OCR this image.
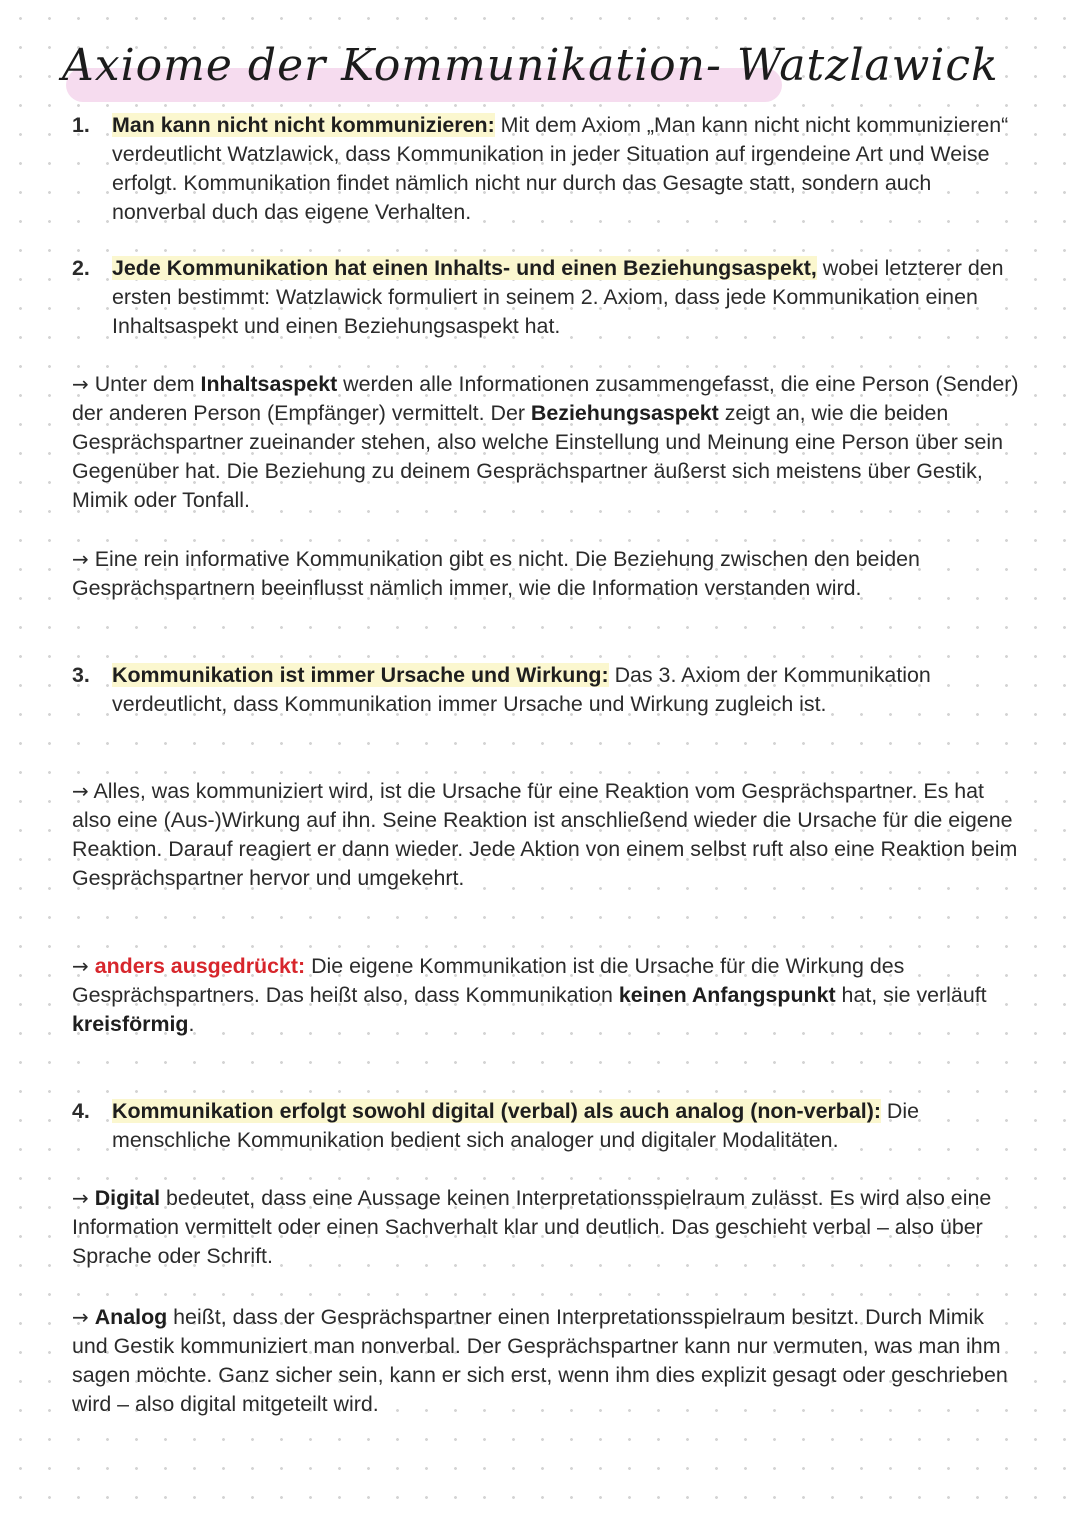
Axiome der Kommunikation- Watzlawick
1. Man kann nicht nicht kommunizieren: Mit dem Axiom „Man kann nicht nicht kommunizieren“ verdeutlicht Watzlawick, dass Kommunikation in jeder Situation auf irgendeine Art und Weise erfolgt. Kommunikation findet nämlich nicht nur durch das Gesagte statt, sondern auch nonverbal duch das eigene Verhalten.
2. Jede Kommunikation hat einen Inhalts- und einen Beziehungsaspekt, wobei letzterer den ersten bestimmt: Watzlawick formuliert in seinem 2. Axiom, dass jede Kommunikation einen Inhaltsaspekt und einen Beziehungsaspekt hat.
→ Unter dem Inhaltsaspekt werden alle Informationen zusammengefasst, die eine Person (Sender) der anderen Person (Empfänger) vermittelt. Der Beziehungsaspekt zeigt an, wie die beiden Gesprächspartner zueinander stehen, also welche Einstellung und Meinung eine Person über sein Gegenüber hat. Die Beziehung zu deinem Gesprächspartner äußerst sich meistens über Gestik, Mimik oder Tonfall.
→ Eine rein informative Kommunikation gibt es nicht. Die Beziehung zwischen den beiden Gesprächspartnern beeinflusst nämlich immer, wie die Information verstanden wird.
3. Kommunikation ist immer Ursache und Wirkung: Das 3. Axiom der Kommunikation verdeutlicht, dass Kommunikation immer Ursache und Wirkung zugleich ist.
→ Alles, was kommuniziert wird, ist die Ursache für eine Reaktion vom Gesprächspartner. Es hat also eine (Aus-)Wirkung auf ihn. Seine Reaktion ist anschließend wieder die Ursache für die eigene Reaktion. Darauf reagiert er dann wieder. Jede Aktion von einem selbst ruft also eine Reaktion beim Gesprächspartner hervor und umgekehrt.
→ anders ausgedrückt: Die eigene Kommunikation ist die Ursache für die Wirkung des Gesprächspartners. Das heißt also, dass Kommunikation keinen Anfangspunkt hat, sie verläuft kreisförmig.
4. Kommunikation erfolgt sowohl digital (verbal) als auch analog (non-verbal): Die menschliche Kommunikation bedient sich analoger und digitaler Modalitäten.
→ Digital bedeutet, dass eine Aussage keinen Interpretationsspielraum zulässt. Es wird also eine Information vermittelt oder einen Sachverhalt klar und deutlich. Das geschieht verbal – also über Sprache oder Schrift.
→ Analog heißt, dass der Gesprächspartner einen Interpretationsspielraum besitzt. Durch Mimik und Gestik kommuniziert man nonverbal. Der Gesprächspartner kann nur vermuten, was man ihm sagen möchte. Ganz sicher sein, kann er sich erst, wenn ihm dies explizit gesagt oder geschrieben wird – also digital mitgeteilt wird.
